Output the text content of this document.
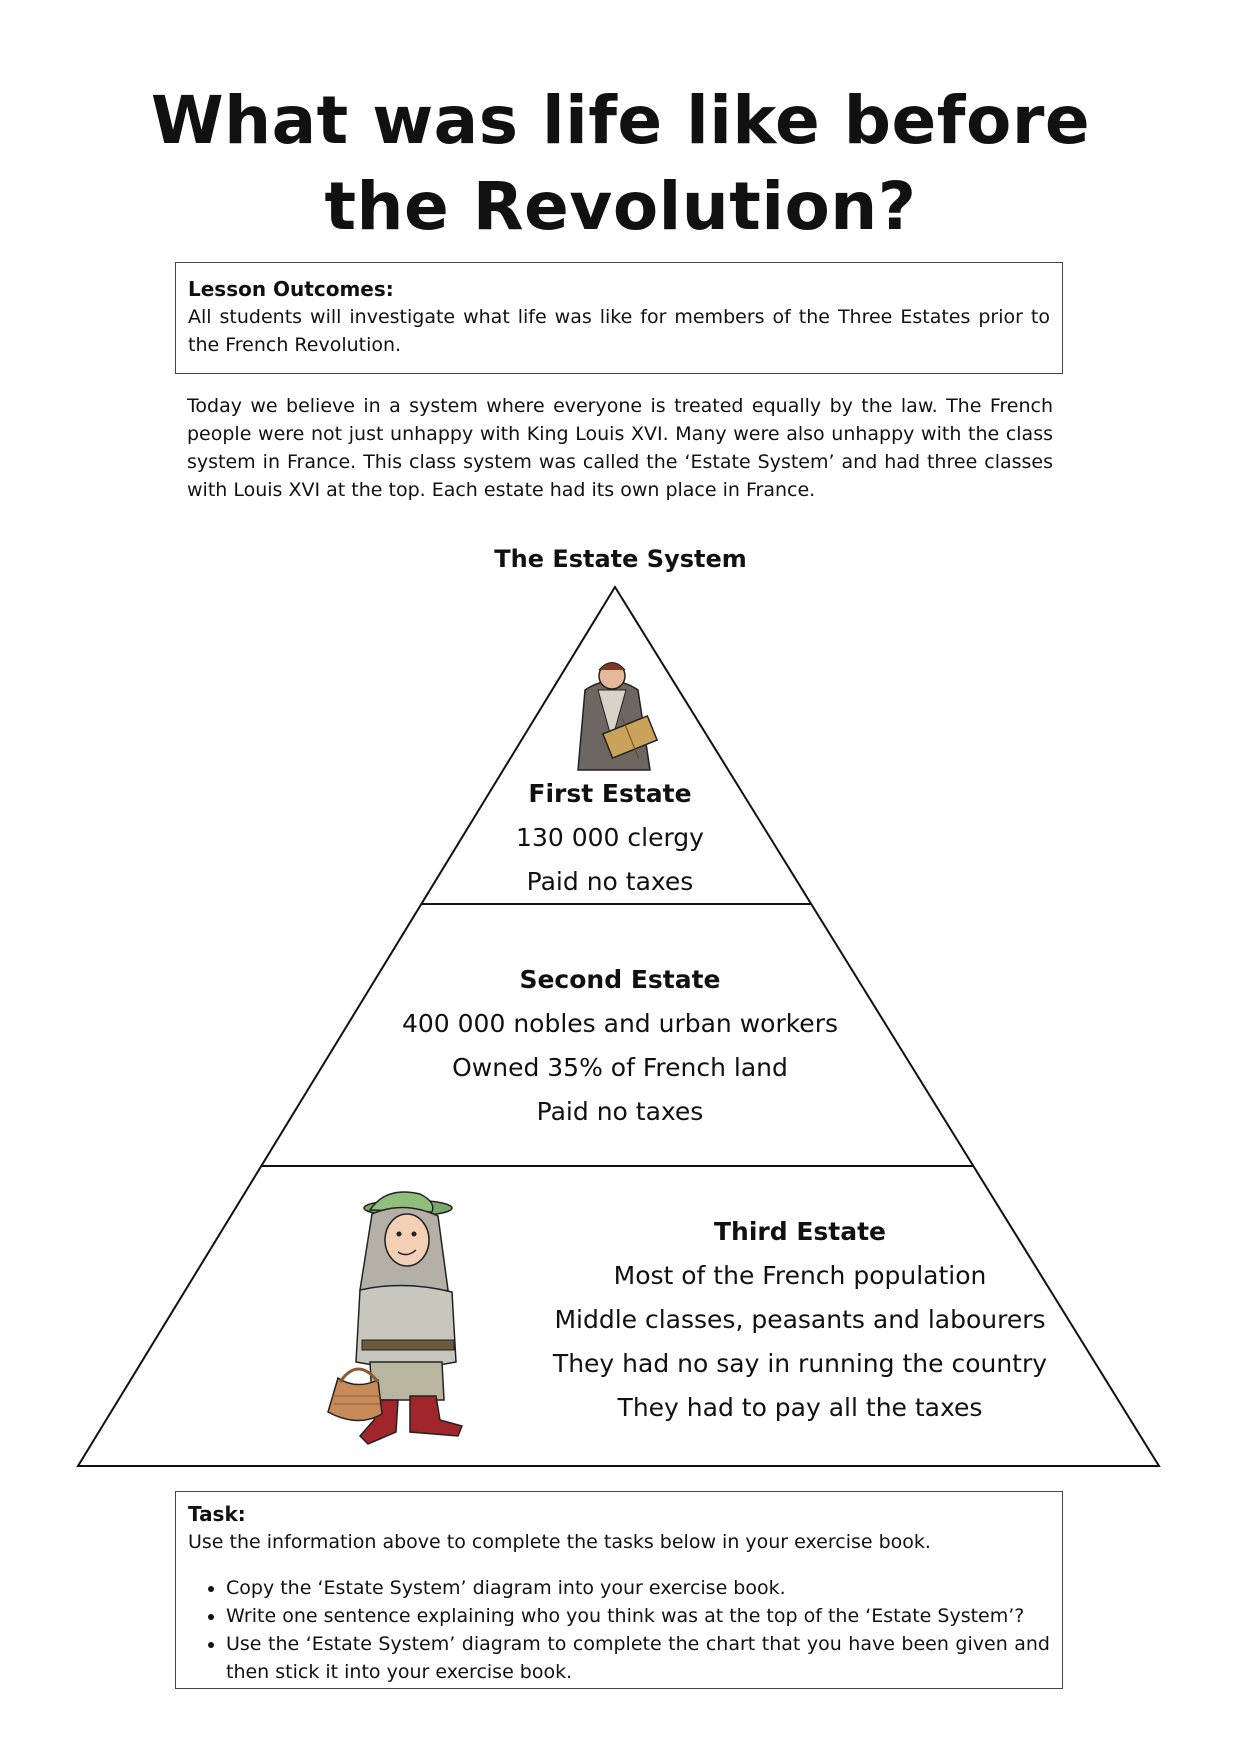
What was life like before
the Revolution?
Lesson Outcomes:
All students will investigate what life was like for members of the Three Estates prior to the French Revolution.
Today we believe in a system where everyone is treated equally by the law. The French people were not just unhappy with King Louis XVI. Many were also unhappy with the class system in France. This class system was called the ‘Estate System’ and had three classes with Louis XVI at the top. Each estate had its own place in France.
The Estate System
First Estate
130 000 clergy
Paid no taxes
Second Estate
400 000 nobles and urban workers
Owned 35% of French land
Paid no taxes
Third Estate
Most of the French population
Middle classes, peasants and labourers
They had no say in running the country
They had to pay all the taxes
Task:
Use the information above to complete the tasks below in your exercise book.
• Copy the ‘Estate System’ diagram into your exercise book.
• Write one sentence explaining who you think was at the top of the ‘Estate System’?
• Use the ‘Estate System’ diagram to complete the chart that you have been given and then stick it into your exercise book.
